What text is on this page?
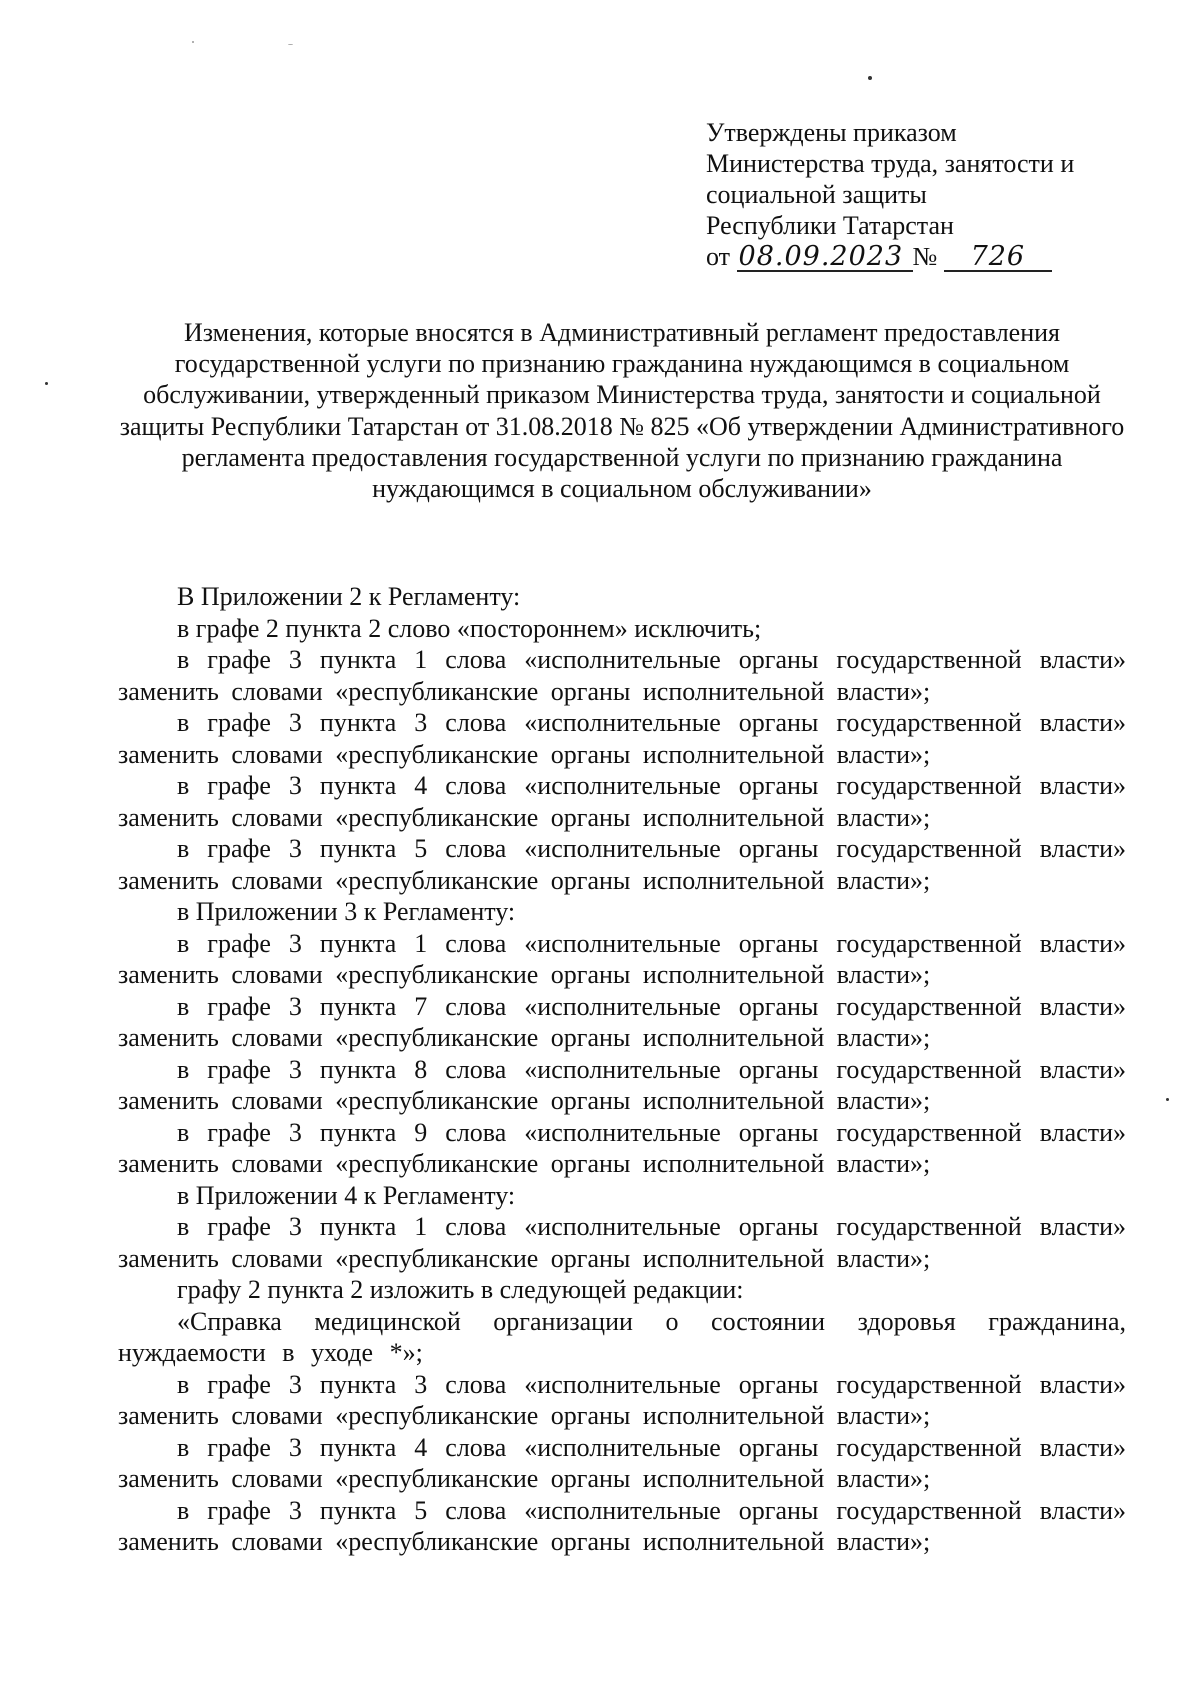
Утверждены приказом
Министерства труда, занятости и
социальной защиты
Республики Татарстан
от 08.09.2023 № 726
Изменения, которые вносятся в Административный регламент предоставления государственной услуги по признанию гражданина нуждающимся в социальном обслуживании, утвержденный приказом Министерства труда, занятости и социальной защиты Республики Татарстан от 31.08.2018 № 825 «Об утверждении Административного регламента предоставления государственной услуги по признанию гражданина нуждающимся в социальном обслуживании»

В Приложении 2 к Регламенту:

в графе 2 пункта 2 слово «постороннем» исключить;

в графе 3 пункта 1 слова «исполнительные органы государственной власти» заменить словами «республиканские органы исполнительной власти»;

в графе 3 пункта 3 слова «исполнительные органы государственной власти» заменить словами «республиканские органы исполнительной власти»;

в графе 3 пункта 4 слова «исполнительные органы государственной власти» заменить словами «республиканские органы исполнительной власти»;

в графе 3 пункта 5 слова «исполнительные органы государственной власти» заменить словами «республиканские органы исполнительной власти»;

в Приложении 3 к Регламенту:

в графе 3 пункта 1 слова «исполнительные органы государственной власти» заменить словами «республиканские органы исполнительной власти»;

в графе 3 пункта 7 слова «исполнительные органы государственной власти» заменить словами «республиканские органы исполнительной власти»;

в графе 3 пункта 8 слова «исполнительные органы государственной власти» заменить словами «республиканские органы исполнительной власти»;

в графе 3 пункта 9 слова «исполнительные органы государственной власти» заменить словами «республиканские органы исполнительной власти»;

в Приложении 4 к Регламенту:

в графе 3 пункта 1 слова «исполнительные органы государственной власти» заменить словами «республиканские органы исполнительной власти»;

графу 2 пункта 2 изложить в следующей редакции:

«Справка медицинской организации о состоянии здоровья гражданина, нуждаемости в уходе *»;

в графе 3 пункта 3 слова «исполнительные органы государственной власти» заменить словами «республиканские органы исполнительной власти»;

в графе 3 пункта 4 слова «исполнительные органы государственной власти» заменить словами «республиканские органы исполнительной власти»;

в графе 3 пункта 5 слова «исполнительные органы государственной власти» заменить словами «республиканские органы исполнительной власти»;
